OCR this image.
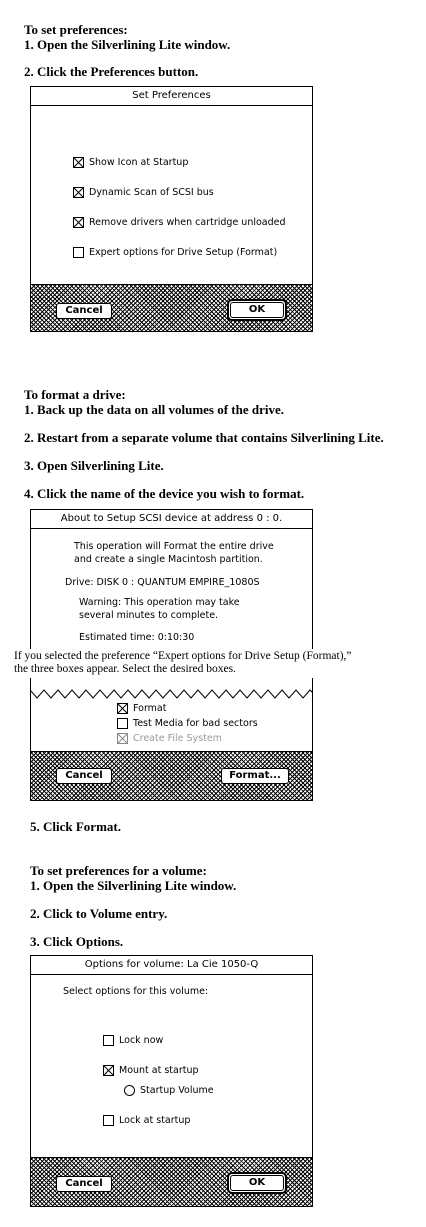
To set preferences:
1. Open the Silverlining Lite window.
2. Click the Preferences button.
Set Preferences
Show Icon at Startup
Dynamic Scan of SCSI bus
Remove drivers when cartridge unloaded
Expert options for Drive Setup (Format)
Cancel	OK
To format a drive:
1. Back up the data on all volumes of the drive.
2. Restart from a separate volume that contains Silverlining Lite.
3. Open Silverlining Lite.
4. Click the name of the device you wish to format.
About to Setup SCSI device at address 0 : 0.
This operation will Format the entire drive
and create a single Macintosh partition.
Drive: DISK 0 : QUANTUM EMPIRE_1080S
Warning: This operation may take
several minutes to complete.
Estimated time: 0:10:30
Format
Test Media for bad sectors
Create File System
Cancel	Format...
If you selected the preference “Expert options for Drive Setup (Format),”
the three boxes appear. Select the desired boxes.
5. Click Format.
To set preferences for a volume:
1. Open the Silverlining Lite window.
2. Click to Volume entry.
3. Click Options.
Options for volume: La Cie 1050-Q
Select options for this volume:
Lock now
Mount at startup
Startup Volume
Lock at startup
Cancel	OK
